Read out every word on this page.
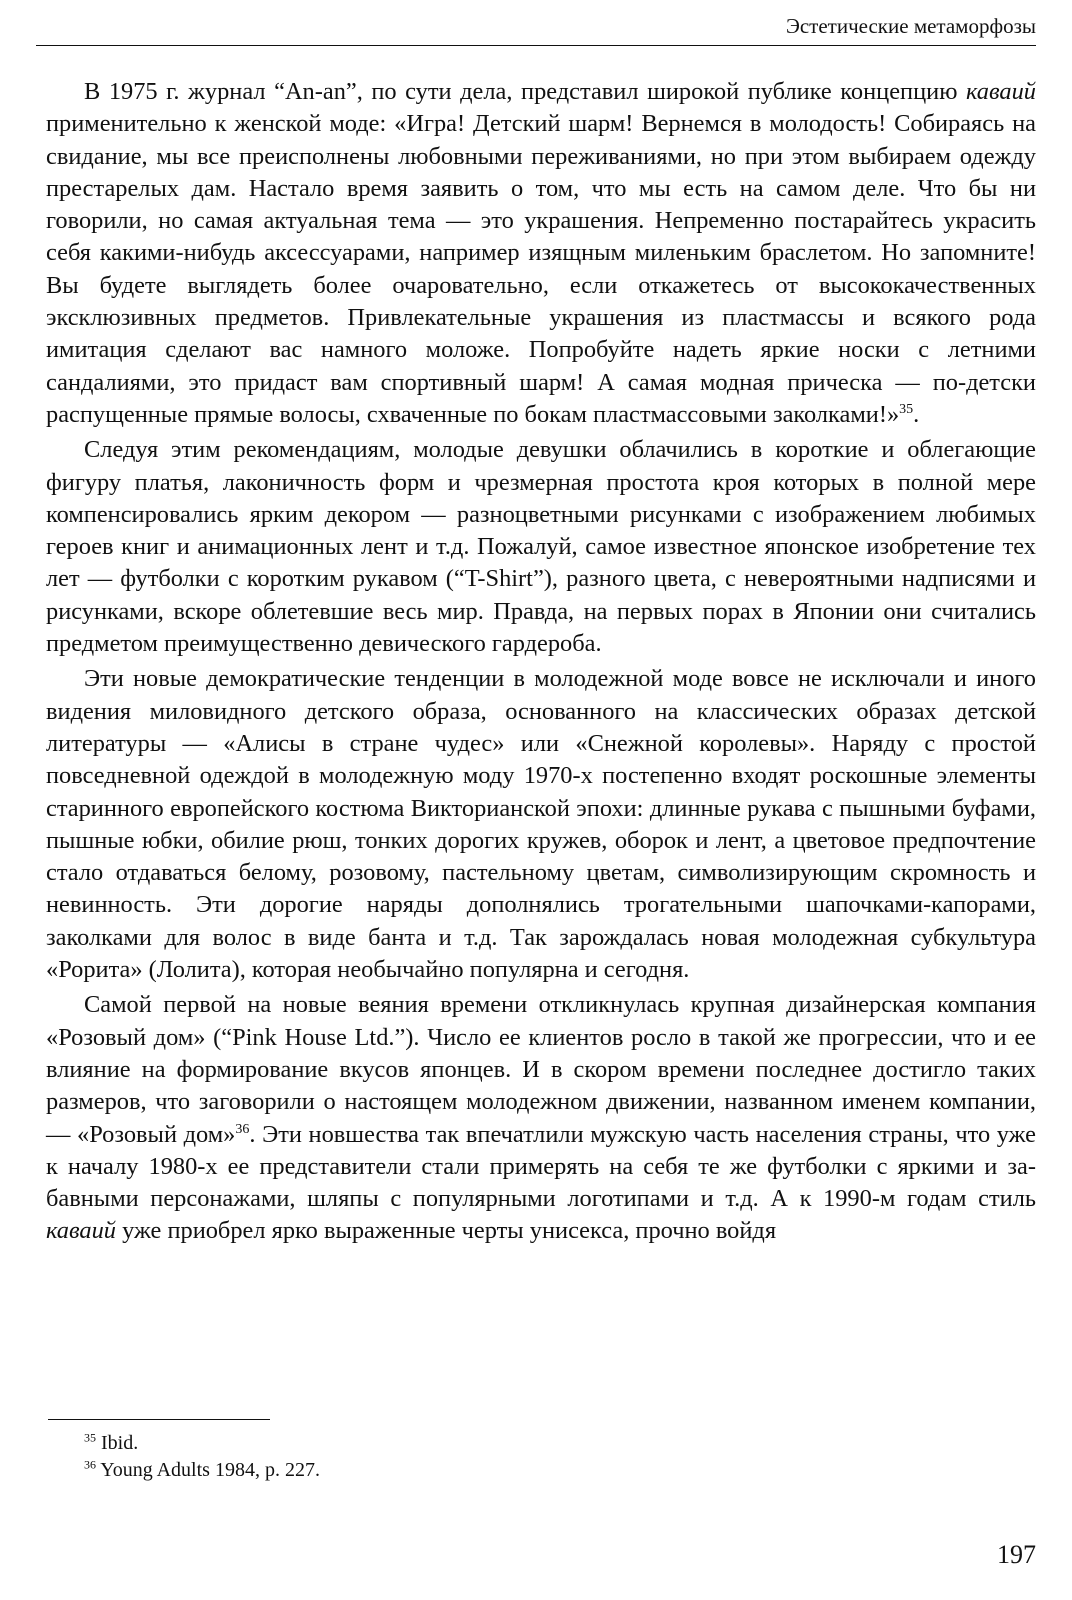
Эстетические метаморфозы

В 1975 г. журнал “An-an”, по сути дела, представил широкой публике концепцию каваий применительно к женской моде: «Игра! Детский шарм! Вернемся в молодость! Собираясь на свидание, мы все преисполнены любовными переживаниями, но при этом выбираем одежду престарелых дам. Настало время заявить о том, что мы есть на самом деле. Что бы ни говорили, но самая актуальная тема — это украшения. Непременно постарайтесь украсить себя какими-нибудь аксессуарами, например изящным миленьким браслетом. Но запомните! Вы будете выглядеть более очаровательно, если откажетесь от высококачественных эксклюзивных предметов. Привлекательные украшения из пластмассы и всякого рода имитация сделают вас намного моложе. Попробуйте надеть яркие носки с летними сандалиями, это придаст вам спортивный шарм! А самая модная прическа — по-детски распущенные прямые волосы, схваченные по бокам пластмассовыми заколками!»$^{35}$.

Следуя этим рекомендациям, молодые девушки облачились в короткие и облегающие фигуру платья, лаконичность форм и чрезмерная простота кроя которых в полной мере компенсировались ярким декором — разноцветными рисунками с изображением любимых героев книг и анимационных лент и т.д. Пожалуй, самое известное японское изобретение тех лет — футболки с коротким рукавом (“T-Shirt”), разного цвета, с невероятными надписями и рисунками, вскоре облетевшие весь мир. Правда, на первых порах в Японии они считались предметом преимущественно девического гардероба.

Эти новые демократические тенденции в молодежной моде вовсе не исключали и иного видения миловидного детского образа, основанного на классических образах детской литературы — «Алисы в стране чудес» или «Снежной королевы». Наряду с простой повседневной одеждой в молодежную моду 1970-х постепенно входят роскошные элементы старинного европейского костюма Викторианской эпохи: длинные рукава с пышными буфами, пышные юбки, обилие рюш, тонких дорогих кружев, оборок и лент, а цветовое предпочтение стало отдаваться белому, розовому, пастельному цветам, символизирующим скромность и невинность. Эти дорогие наряды дополнялись трогательными шапочками-капорами, заколками для волос в виде банта и т.д. Так зарождалась новая молодежная субкультура «Рорита» (Лолита), которая необычайно популярна и сегодня.

Самой первой на новые веяния времени откликнулась крупная дизайнерская компания «Розовый дом» (“Pink House Ltd.”). Число ее клиентов росло в такой же прогрессии, что и ее влияние на формирование вкусов японцев. И в скором времени последнее достигло таких размеров, что заговорили о настоящем молодежном движении, названном именем компании, — «Розовый дом»$^{36}$. Эти новшества так впечатлили мужскую часть населения страны, что уже к началу 1980-х ее представители стали примерять на себя те же футболки с яркими и забавными персонажами, шляпы с популярными логотипами и т.д. А к 1990-м годам стиль каваий уже приобрел ярко выраженные черты унисекса, прочно войдя

$^{35}$ Ibid.

$^{36}$ Young Adults 1984, p. 227.

197
